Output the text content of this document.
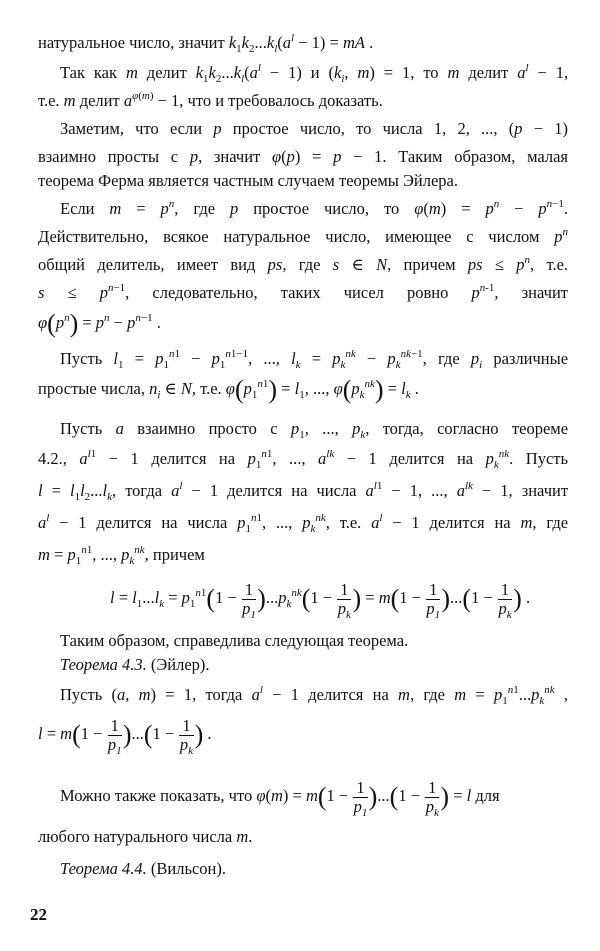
натуральное число, значит $k_1k_2...k_l(a^l - 1)$ = mA .
Так как m делит $k_1k_2...k_l(a^l - 1)$ и ($k_i$, m) = 1, то m делит $a^l - 1$,
т.е. m делит $a^{\varphi(m)} - 1$, что и требовалось доказать.
Заметим, что если p простое число, то числа 1, 2, ..., (p − 1)
взаимно просты с p, значит φ(p) = p − 1. Таким образом, малая
теорема Ферма является частным случаем теоремы Эйлера.
Если $m = p^n$, где p простое число, то $\varphi(m) = p^n - p^{n-1}$.
Действительно, всякое натуральное число, имеющее с числом $p^n$
общий делитель, имеет вид ps, где s ∈ N, причем ps ≤ $p^n$, т.е.
$s \le p^{n-1}$, следовательно, таких чисел ровно $p^{n-1}$, значит
$\varphi(p^n) = p^n - p^{n-1}$ .
Пусть $l_1 = p_1^{n1} - p_1^{n1-1}$, ..., $l_k = p_k^{nk} - p_k^{nk-1}$, где $p_i$ различные
простые числа, $n_i$ ∈ N, т.е. $\varphi(p_1^{n1}) = l_1$, ..., $\varphi(p_k^{nk}) = l_k$ .
Пусть a взаимно просто с $p_1$, ..., $p_k$, тогда, согласно теореме
4.2., $a^{l1} - 1$ делится на $p_1^{n1}$, ..., $a^{lk} - 1$ делится на $p_k^{nk}$. Пусть
$l = l_1l_2...l_k$, тогда $a^l - 1$ делится на числа $a^{l1} - 1$, ..., $a^{lk} - 1$, значит
$a^l - 1$ делится на числа $p_1^{n1}$, ..., $p_k^{nk}$, т.е. $a^l - 1$ делится на m, где
$m = p_1^{n1}$, ..., $p_k^{nk}$, причем
$l = l_1...l_k = p_1^{n1}(1 - \frac{1}{p_1} )...p_k^{nk}(1 - \frac{1}{p_k}$ ) = $m(1 - \frac{1}{p_1} )...(1 - \frac{1}{p_k}$ ) .
Таким образом, справедлива следующая теорема.
Теорема 4.3. (Эйлер).
Пусть (a, m) = 1, тогда $a^l - 1$ делится на m, где $m = p_1^{n1}...p_k^{nk}$ ,
$l = m(1 - \frac{1}{p_1} )...(1 - \frac{1}{p_k}$ ) .
Можно также показать, что $\varphi(m) = m(1 - \frac{1}{p_1} )...(1 - \frac{1}{p_k}$ ) = l для
любого натурального числа m.
Теорема 4.4. (Вильсон).
22
